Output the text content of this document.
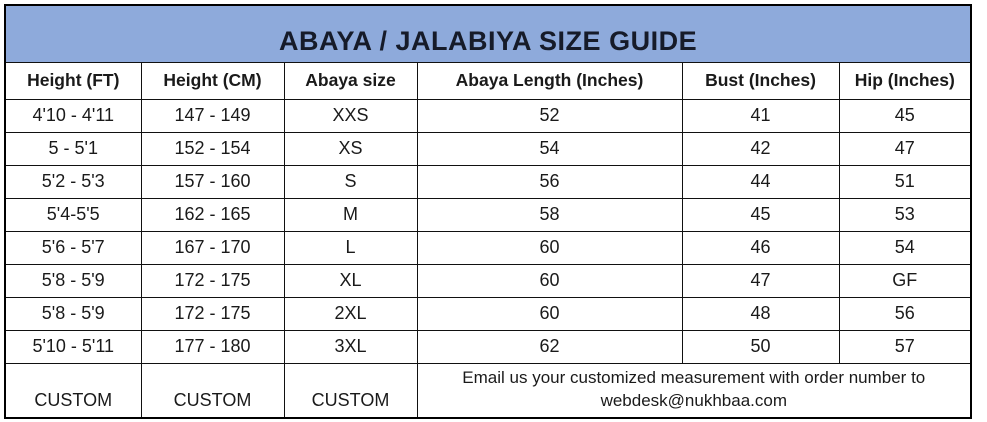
ABAYA / JALABIYA SIZE GUIDE					
Height (FT)	Height (CM)	Abaya size	Abaya Length (Inches)	Bust (Inches)	Hip (Inches)
4'10 - 4'11	147 - 149	XXS	52	41	45
5 - 5'1	152 - 154	XS	54	42	47
5'2 - 5'3	157 - 160	S	56	44	51
5'4-5'5	162 - 165	M	58	45	53
5'6 - 5'7	167 - 170	L	60	46	54
5'8 - 5'9	172 - 175	XL	60	47	GF
5'8 - 5'9	172 - 175	2XL	60	48	56
5'10 - 5'11	177 - 180	3XL	62	50	57
CUSTOM	CUSTOM	CUSTOM	Email us your customized measurement with order number to
webdesk@nukhbaa.com		
